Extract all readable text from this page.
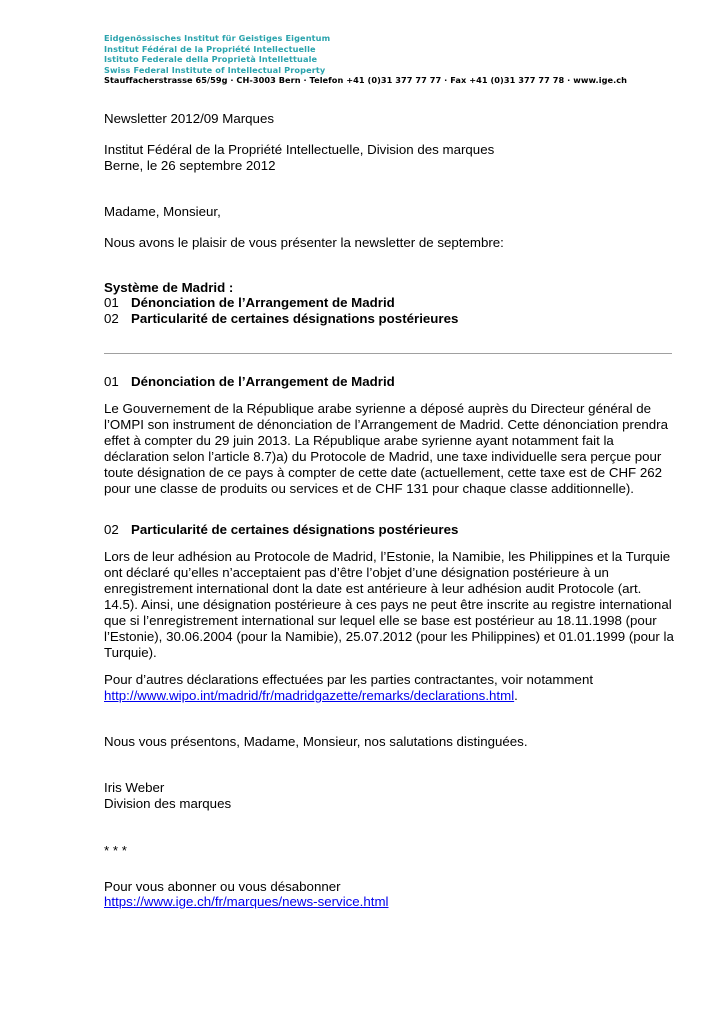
Eidgenössisches Institut für Geistiges Eigentum
Institut Fédéral de la Propriété Intellectuelle
Istituto Federale della Proprietà Intellettuale
Swiss Federal Institute of Intellectual Property
Stauffacherstrasse 65/59g · CH-3003 Bern · Telefon +41 (0)31 377 77 77 · Fax +41 (0)31 377 77 78 · www.ige.ch
Newsletter 2012/09 Marques
Institut Fédéral de la Propriété Intellectuelle, Division des marques
Berne, le 26 septembre 2012
Madame, Monsieur,
Nous avons le plaisir de vous présenter la newsletter de septembre:
Système de Madrid :
01 Dénonciation de l’Arrangement de Madrid
02 Particularité de certaines désignations postérieures
01 Dénonciation de l’Arrangement de Madrid
Le Gouvernement de la République arabe syrienne a déposé auprès du Directeur général de l’OMPI son instrument de dénonciation de l’Arrangement de Madrid. Cette dénonciation prendra effet à compter du 29 juin 2013. La République arabe syrienne ayant notamment fait la déclaration selon l’article 8.7)a) du Protocole de Madrid, une taxe individuelle sera perçue pour toute désignation de ce pays à compter de cette date (actuellement, cette taxe est de CHF 262 pour une classe de produits ou services et de CHF 131 pour chaque classe additionnelle).
02 Particularité de certaines désignations postérieures
Lors de leur adhésion au Protocole de Madrid, l’Estonie, la Namibie, les Philippines et la Turquie ont déclaré qu’elles n’acceptaient pas d’être l’objet d’une désignation postérieure à un enregistrement international dont la date est antérieure à leur adhésion audit Protocole (art. 14.5). Ainsi, une désignation postérieure à ces pays ne peut être inscrite au registre international que si l’enregistrement international sur lequel elle se base est postérieur au 18.11.1998 (pour l’Estonie), 30.06.2004 (pour la Namibie), 25.07.2012 (pour les Philippines) et 01.01.1999 (pour la Turquie).
Pour d’autres déclarations effectuées par les parties contractantes, voir notamment
http://www.wipo.int/madrid/fr/madridgazette/remarks/declarations.html.
Nous vous présentons, Madame, Monsieur, nos salutations distinguées.
Iris Weber
Division des marques
* * *
Pour vous abonner ou vous désabonner
https://www.ige.ch/fr/marques/news-service.html
